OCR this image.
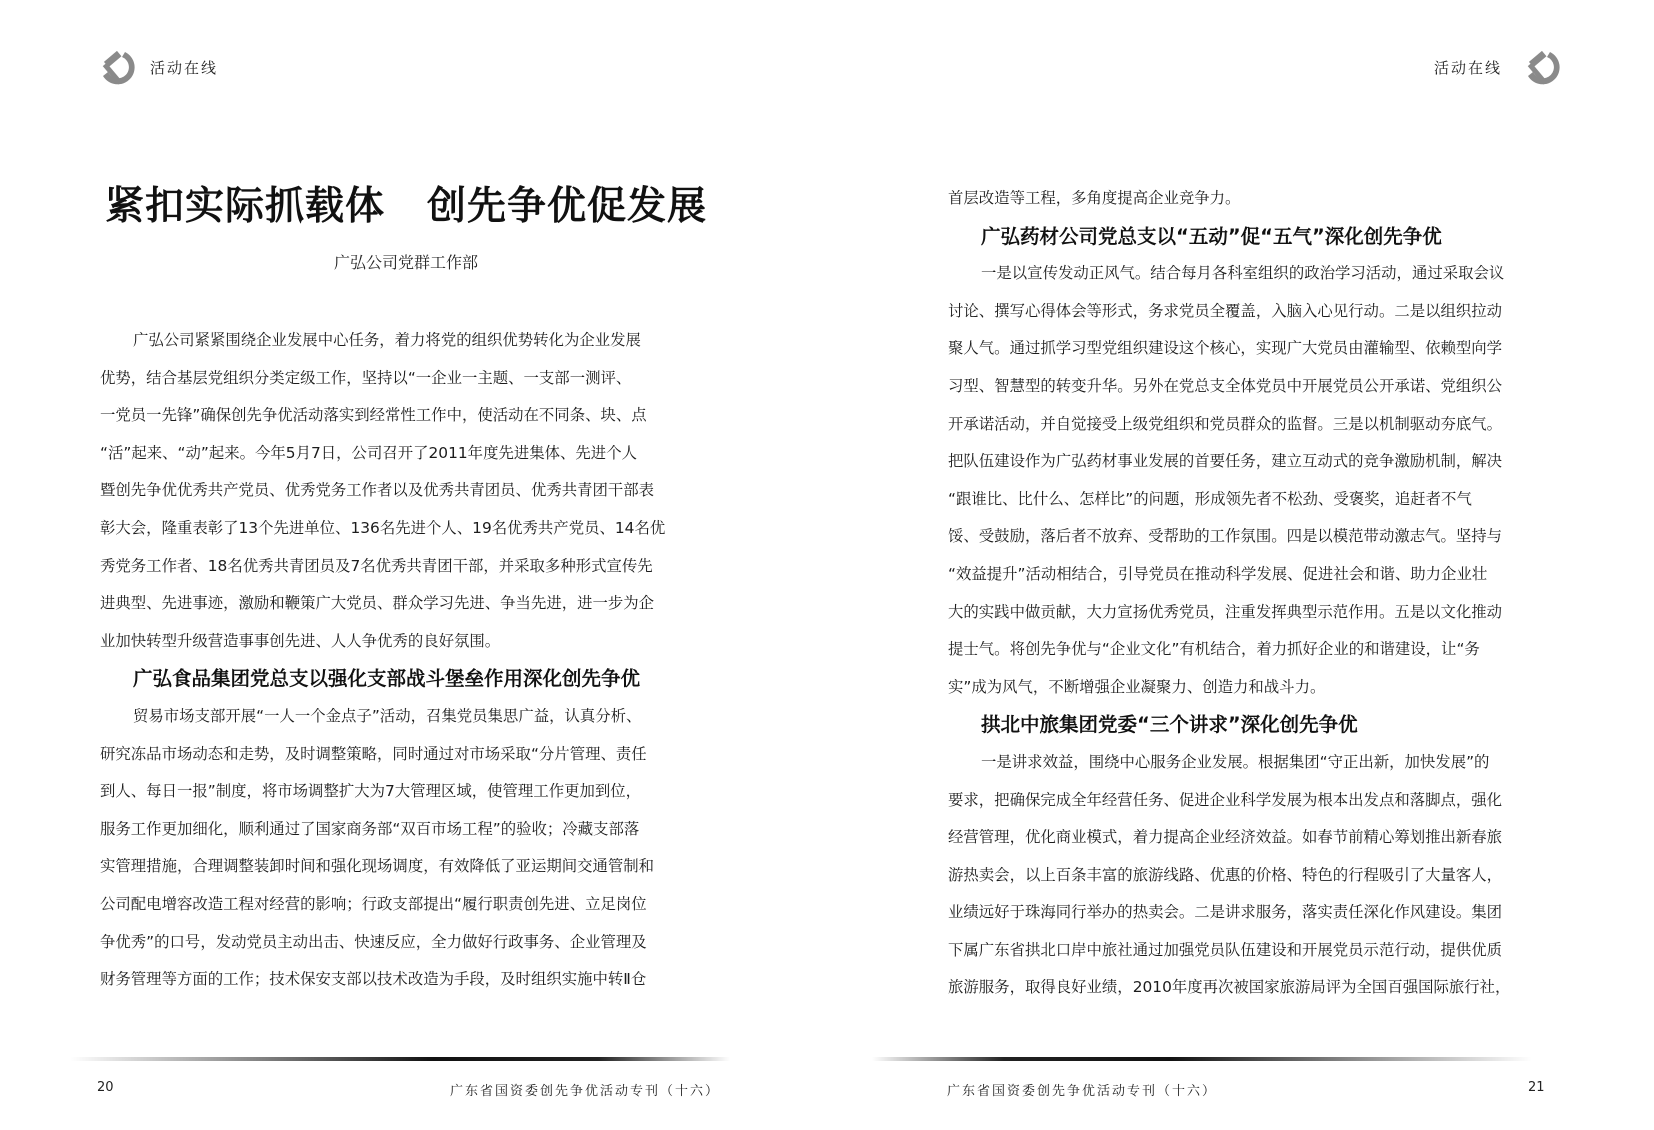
活动在线
紧扣实际抓载体 创先争优促发展
广弘公司党群工作部
广弘公司紧紧围绕企业发展中心任务，着力将党的组织优势转化为企业发展
优势，结合基层党组织分类定级工作，坚持以“一企业一主题、一支部一测评、
一党员一先锋”确保创先争优活动落实到经常性工作中，使活动在不同条、块、点
“活”起来、“动”起来。今年5月7日，公司召开了2011年度先进集体、先进个人
暨创先争优优秀共产党员、优秀党务工作者以及优秀共青团员、优秀共青团干部表
彰大会，隆重表彰了13个先进单位、136名先进个人、19名优秀共产党员、14名优
秀党务工作者、18名优秀共青团员及7名优秀共青团干部，并采取多种形式宣传先
进典型、先进事迹，激励和鞭策广大党员、群众学习先进、争当先进，进一步为企
业加快转型升级营造事事创先进、人人争优秀的良好氛围。
广弘食品集团党总支以强化支部战斗堡垒作用深化创先争优
贸易市场支部开展“一人一个金点子”活动，召集党员集思广益，认真分析、
研究冻品市场动态和走势，及时调整策略，同时通过对市场采取“分片管理、责任
到人、每日一报”制度，将市场调整扩大为7大管理区域，使管理工作更加到位，
服务工作更加细化，顺利通过了国家商务部“双百市场工程”的验收；冷藏支部落
实管理措施，合理调整装卸时间和强化现场调度，有效降低了亚运期间交通管制和
公司配电增容改造工程对经营的影响；行政支部提出“履行职责创先进、立足岗位
争优秀”的口号，发动党员主动出击、快速反应，全力做好行政事务、企业管理及
财务管理等方面的工作；技术保安支部以技术改造为手段，及时组织实施中转Ⅱ仓
20	广东省国资委创先争优活动专刊（十六）
活动在线
首层改造等工程，多角度提高企业竞争力。
广弘药材公司党总支以“五动”促“五气”深化创先争优
一是以宣传发动正风气。结合每月各科室组织的政治学习活动，通过采取会议
讨论、撰写心得体会等形式，务求党员全覆盖，入脑入心见行动。二是以组织拉动
聚人气。通过抓学习型党组织建设这个核心，实现广大党员由灌输型、依赖型向学
习型、智慧型的转变升华。另外在党总支全体党员中开展党员公开承诺、党组织公
开承诺活动，并自觉接受上级党组织和党员群众的监督。三是以机制驱动夯底气。
把队伍建设作为广弘药材事业发展的首要任务，建立互动式的竞争激励机制，解决
“跟谁比、比什么、怎样比”的问题，形成领先者不松劲、受褒奖，追赶者不气
馁、受鼓励，落后者不放弃、受帮助的工作氛围。四是以模范带动激志气。坚持与
“效益提升”活动相结合，引导党员在推动科学发展、促进社会和谐、助力企业壮
大的实践中做贡献，大力宣扬优秀党员，注重发挥典型示范作用。五是以文化推动
提士气。将创先争优与“企业文化”有机结合，着力抓好企业的和谐建设，让“务
实”成为风气，不断增强企业凝聚力、创造力和战斗力。
拱北中旅集团党委“三个讲求”深化创先争优
一是讲求效益，围绕中心服务企业发展。根据集团“守正出新，加快发展”的
要求，把确保完成全年经营任务、促进企业科学发展为根本出发点和落脚点，强化
经营管理，优化商业模式，着力提高企业经济效益。如春节前精心筹划推出新春旅
游热卖会，以上百条丰富的旅游线路、优惠的价格、特色的行程吸引了大量客人，
业绩远好于珠海同行举办的热卖会。二是讲求服务，落实责任深化作风建设。集团
下属广东省拱北口岸中旅社通过加强党员队伍建设和开展党员示范行动，提供优质
旅游服务，取得良好业绩，2010年度再次被国家旅游局评为全国百强国际旅行社，
广东省国资委创先争优活动专刊（十六）	21
